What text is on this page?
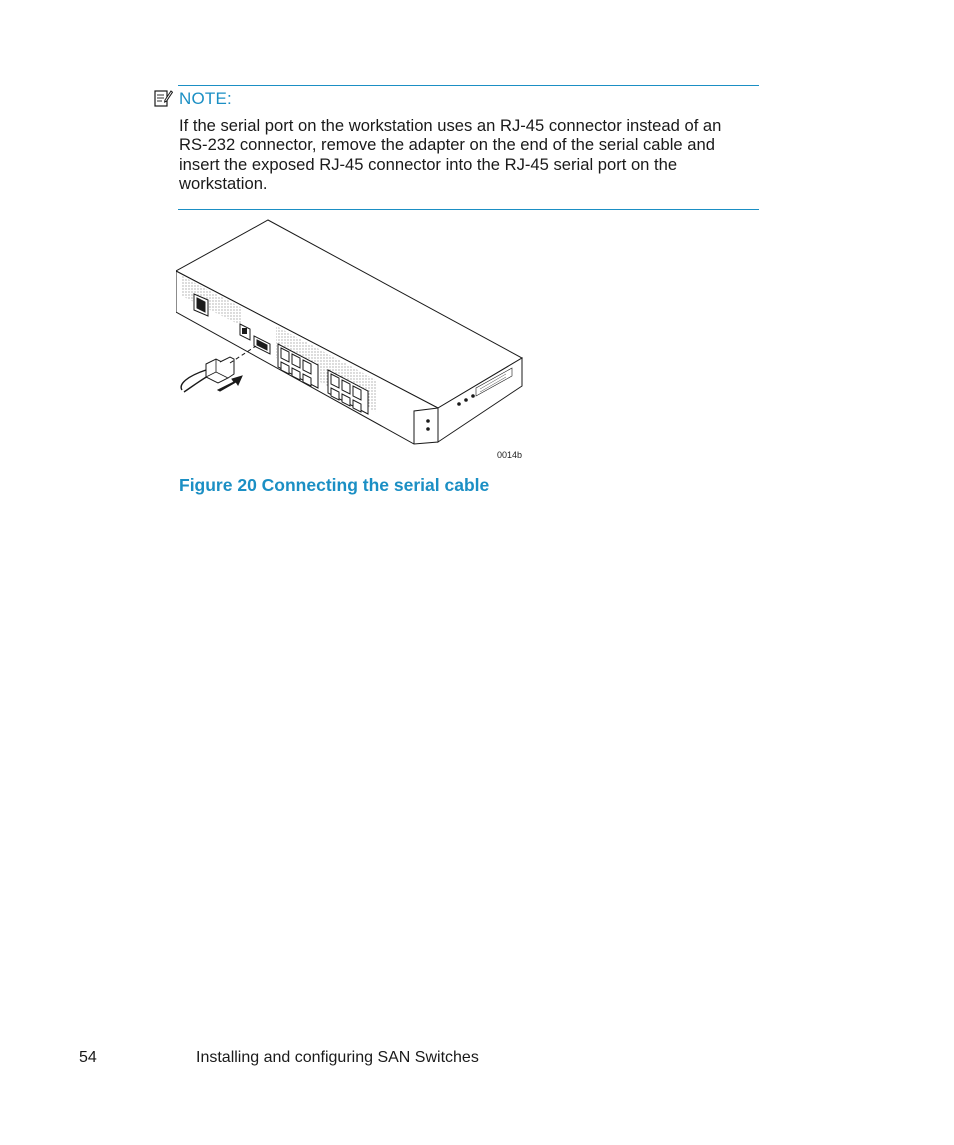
NOTE:
If the serial port on the workstation uses an RJ-45 connector instead of an RS-232 connector, remove the adapter on the end of the serial cable and insert the exposed RJ-45 connector into the RJ-45 serial port on the workstation.
0014b
Figure 20 Connecting the serial cable
54	Installing and configuring SAN Switches
